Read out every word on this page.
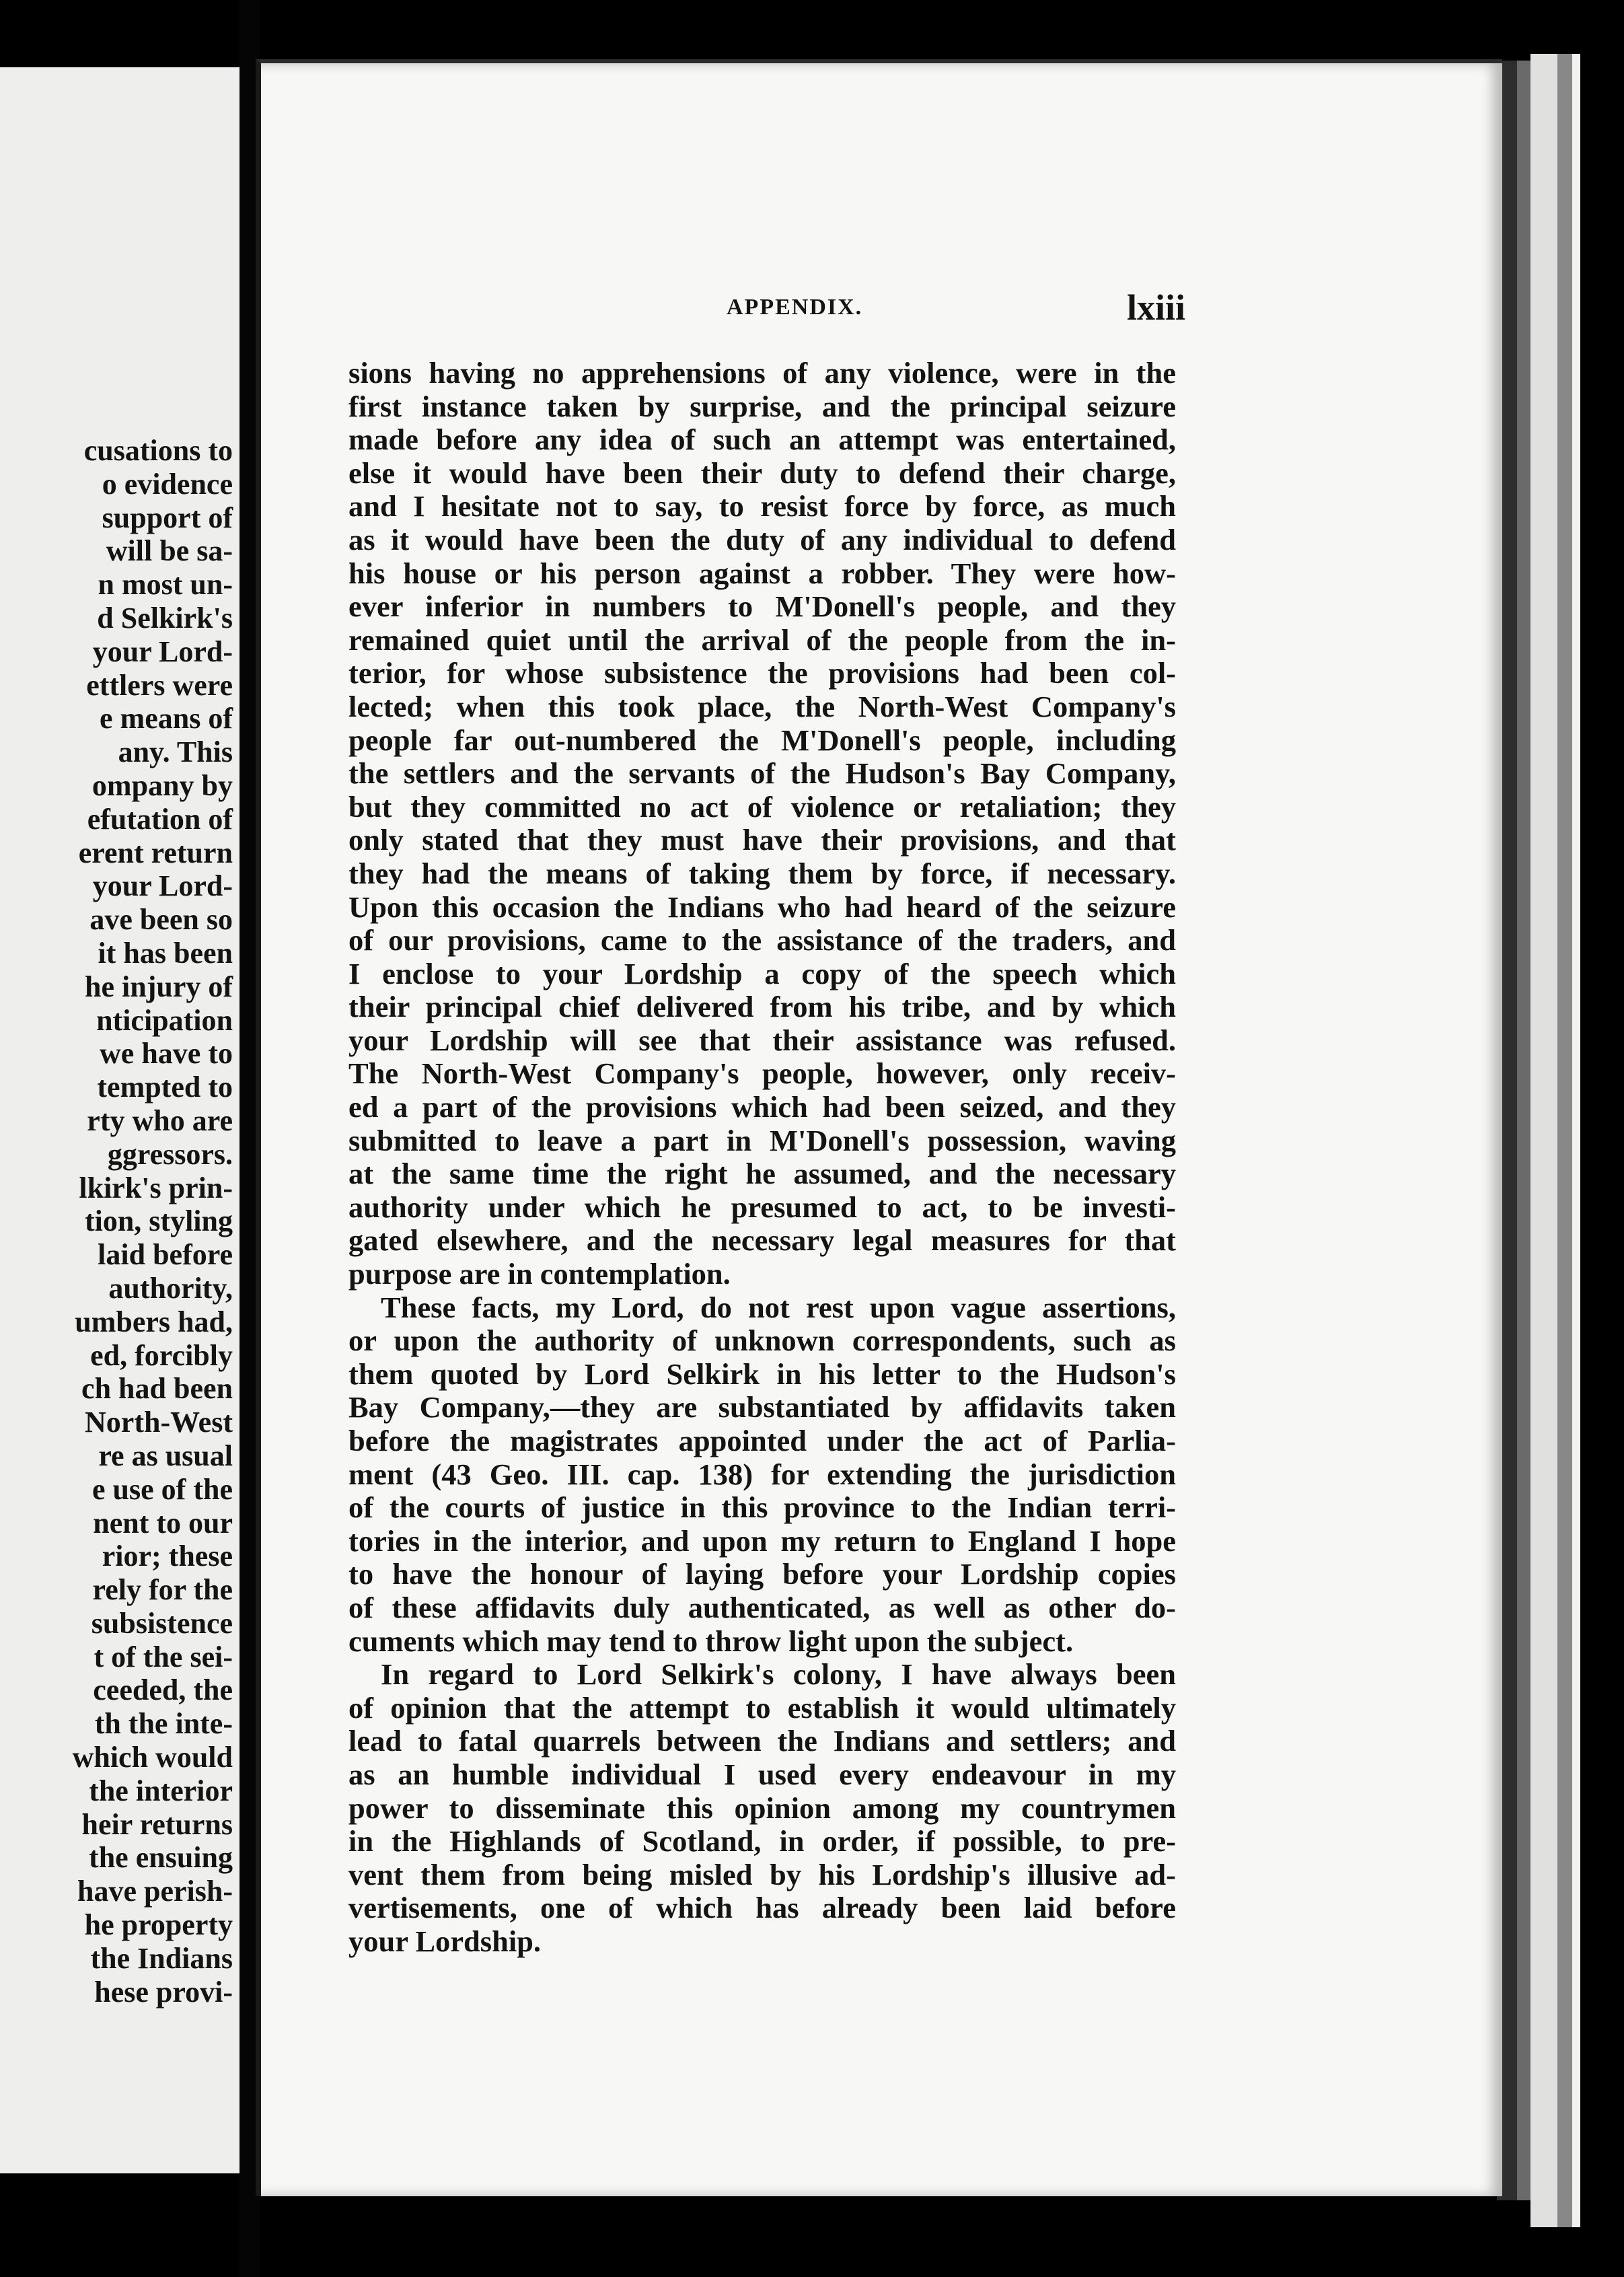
cusations to
o evidence
support of
will be sa-
n most un-
d Selkirk's
your Lord-
ettlers were
e means of
any. This
ompany by
efutation of
erent return
your Lord-
ave been so
it has been
he injury of
nticipation
we have to
tempted to
rty who are
ggressors.
lkirk's prin-
tion, styling
laid before
authority,
umbers had,
ed, forcibly
ch had been
North-West
re as usual
e use of the
nent to our
rior; these
rely for the
subsistence
t of the sei-
ceeded, the
th the inte-
which would
the interior
heir returns
the ensuing
have perish-
he property
the Indians
hese provi-
APPENDIX.	lxiii
sions having no apprehensions of any violence, were in the
first instance taken by surprise, and the principal seizure
made before any idea of such an attempt was entertained,
else it would have been their duty to defend their charge,
and I hesitate not to say, to resist force by force, as much
as it would have been the duty of any individual to defend
his house or his person against a robber. They were how-
ever inferior in numbers to M'Donell's people, and they
remained quiet until the arrival of the people from the in-
terior, for whose subsistence the provisions had been col-
lected; when this took place, the North-West Company's
people far out-numbered the M'Donell's people, including
the settlers and the servants of the Hudson's Bay Company,
but they committed no act of violence or retaliation; they
only stated that they must have their provisions, and that
they had the means of taking them by force, if necessary.
Upon this occasion the Indians who had heard of the seizure
of our provisions, came to the assistance of the traders, and
I enclose to your Lordship a copy of the speech which
their principal chief delivered from his tribe, and by which
your Lordship will see that their assistance was refused.
The North-West Company's people, however, only receiv-
ed a part of the provisions which had been seized, and they
submitted to leave a part in M'Donell's possession, waving
at the same time the right he assumed, and the necessary
authority under which he presumed to act, to be investi-
gated elsewhere, and the necessary legal measures for that
purpose are in contemplation.
These facts, my Lord, do not rest upon vague assertions,
or upon the authority of unknown correspondents, such as
them quoted by Lord Selkirk in his letter to the Hudson's
Bay Company,—they are substantiated by affidavits taken
before the magistrates appointed under the act of Parlia-
ment (43 Geo. III. cap. 138) for extending the jurisdiction
of the courts of justice in this province to the Indian terri-
tories in the interior, and upon my return to England I hope
to have the honour of laying before your Lordship copies
of these affidavits duly authenticated, as well as other do-
cuments which may tend to throw light upon the subject.
In regard to Lord Selkirk's colony, I have always been
of opinion that the attempt to establish it would ultimately
lead to fatal quarrels between the Indians and settlers; and
as an humble individual I used every endeavour in my
power to disseminate this opinion among my countrymen
in the Highlands of Scotland, in order, if possible, to pre-
vent them from being misled by his Lordship's illusive ad-
vertisements, one of which has already been laid before
your Lordship.
